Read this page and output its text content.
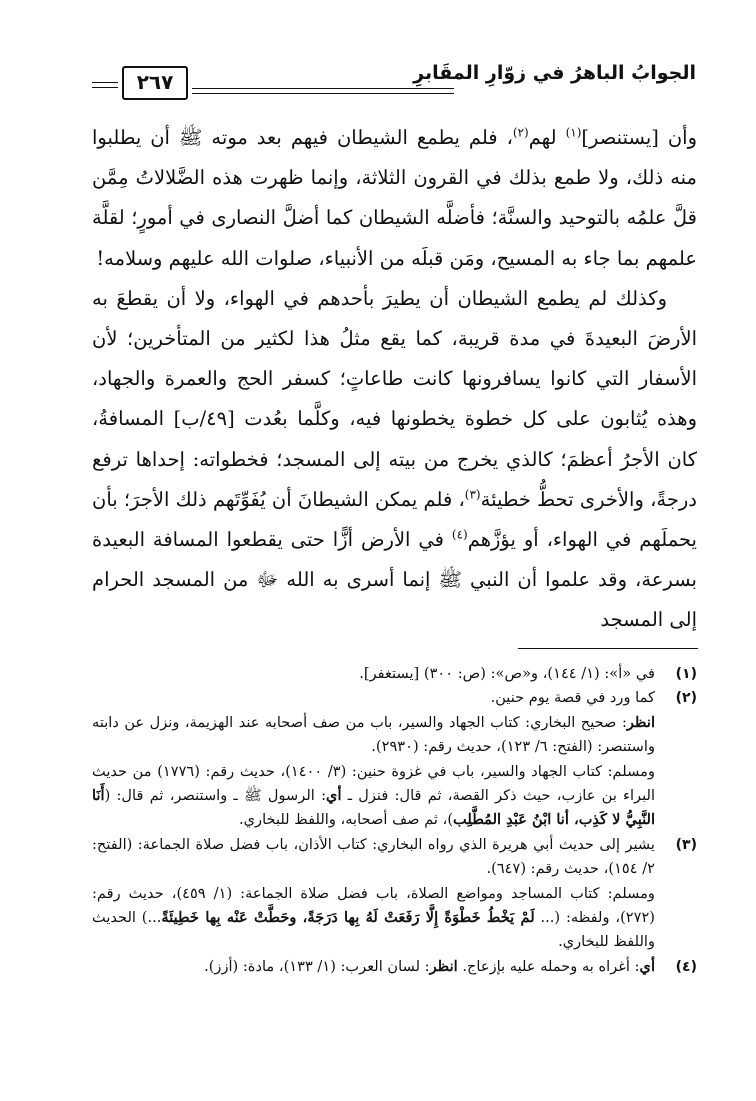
الجوابُ الباهرُ في زوّارِ المقَابرِ
٢٦٧

وأن [يستنصر]$^{(١)}$ لهم$^{(٢)}$، فلم يطمع الشيطان فيهم بعد موته ﷺ أن يطلبوا منه ذلك، ولا طمع بذلك في القرون الثلاثة، وإنما ظهرت هذه الضَّلالاتُ مِمَّن قلَّ علمُه بالتوحيد والسنَّة؛ فأضلَّه الشيطان كما أضلَّ النصارى في أمورٍ؛ لقلَّة علمهم بما جاء به المسيح، ومَن قبلَه من الأنبياء، صلوات الله عليهم وسلامه!

وكذلك لم يطمع الشيطان أن يطيرَ بأحدهم في الهواء، ولا أن يقطعَ به الأرضَ البعيدةَ في مدة قريبة، كما يقع مثلُ هذا لكثير من المتأخرين؛ لأن الأسفار التي كانوا يسافرونها كانت طاعاتٍ؛ كسفر الحج والعمرة والجهاد، وهذه يُثابون على كل خطوة يخطونها فيه، وكلَّما بعُدت [٤٩/ب] المسافةُ، كان الأجرُ أعظمَ؛ كالذي يخرج من بيته إلى المسجد؛ فخطواته: إحداها ترفع درجةً، والأخرى تحطُّ خطيئة$^{(٣)}$، فلم يمكن الشيطانَ أن يُفَوِّتَهم ذلك الأجرَ؛ بأن يحملَهم في الهواء، أو يؤزَّهم$^{(٤)}$ في الأرض أزًّا حتى يقطعوا المسافة البعيدة بسرعة، وقد علموا أن النبي ﷺ إنما أسرى به الله ﷻ من المسجد الحرام إلى المسجد

(١)
في «أ»: (١/ ١٤٤)، و«ص»: (ص: ٣٠٠) [يستغفر].
(٢)
كما ورد في قصة يوم حنين.
انظر: صحيح البخاري: كتاب الجهاد والسير، باب من صف أصحابه عند الهزيمة، ونزل عن دابته واستنصر: (الفتح: ٦/ ١٢٣)، حديث رقم: (٢٩٣٠).
ومسلم: كتاب الجهاد والسير، باب في غزوة حنين: (٣/ ١٤٠٠)، حديث رقم: (١٧٧٦) من حديث البراء بن عازب، حيث ذكر القصة، ثم قال: فنزل ـ أي: الرسول ﷺ ـ واستنصر، ثم قال: (أَنَا النَّبِيُّ لا كَذِب، أنا ابْنُ عَبْدِ المُطَّلِب)، ثم صف أصحابه، واللفظ للبخاري.
(٣)
يشير إلى حديث أبي هريرة الذي رواه البخاري: كتاب الأذان، باب فضل صلاة الجماعة: (الفتح: ٢/ ١٥٤)، حديث رقم: (٦٤٧).
ومسلم: كتاب المساجد ومواضع الصلاة، باب فضل صلاة الجماعة: (١/ ٤٥٩)، حديث رقم: (٢٧٢)، ولفظه: (... لَمْ يَخْطُ خَطْوَةً إِلَّا رَفَعَتْ لَهُ بِها دَرَجَةً، وحَطَّتْ عَنْه بِها خَطِيئَةً...) الحديث واللفظ للبخاري.
(٤)
أي: أغراه به وحمله عليه بإزعاج. انظر: لسان العرب: (١/ ١٣٣)، مادة: (أزز).
